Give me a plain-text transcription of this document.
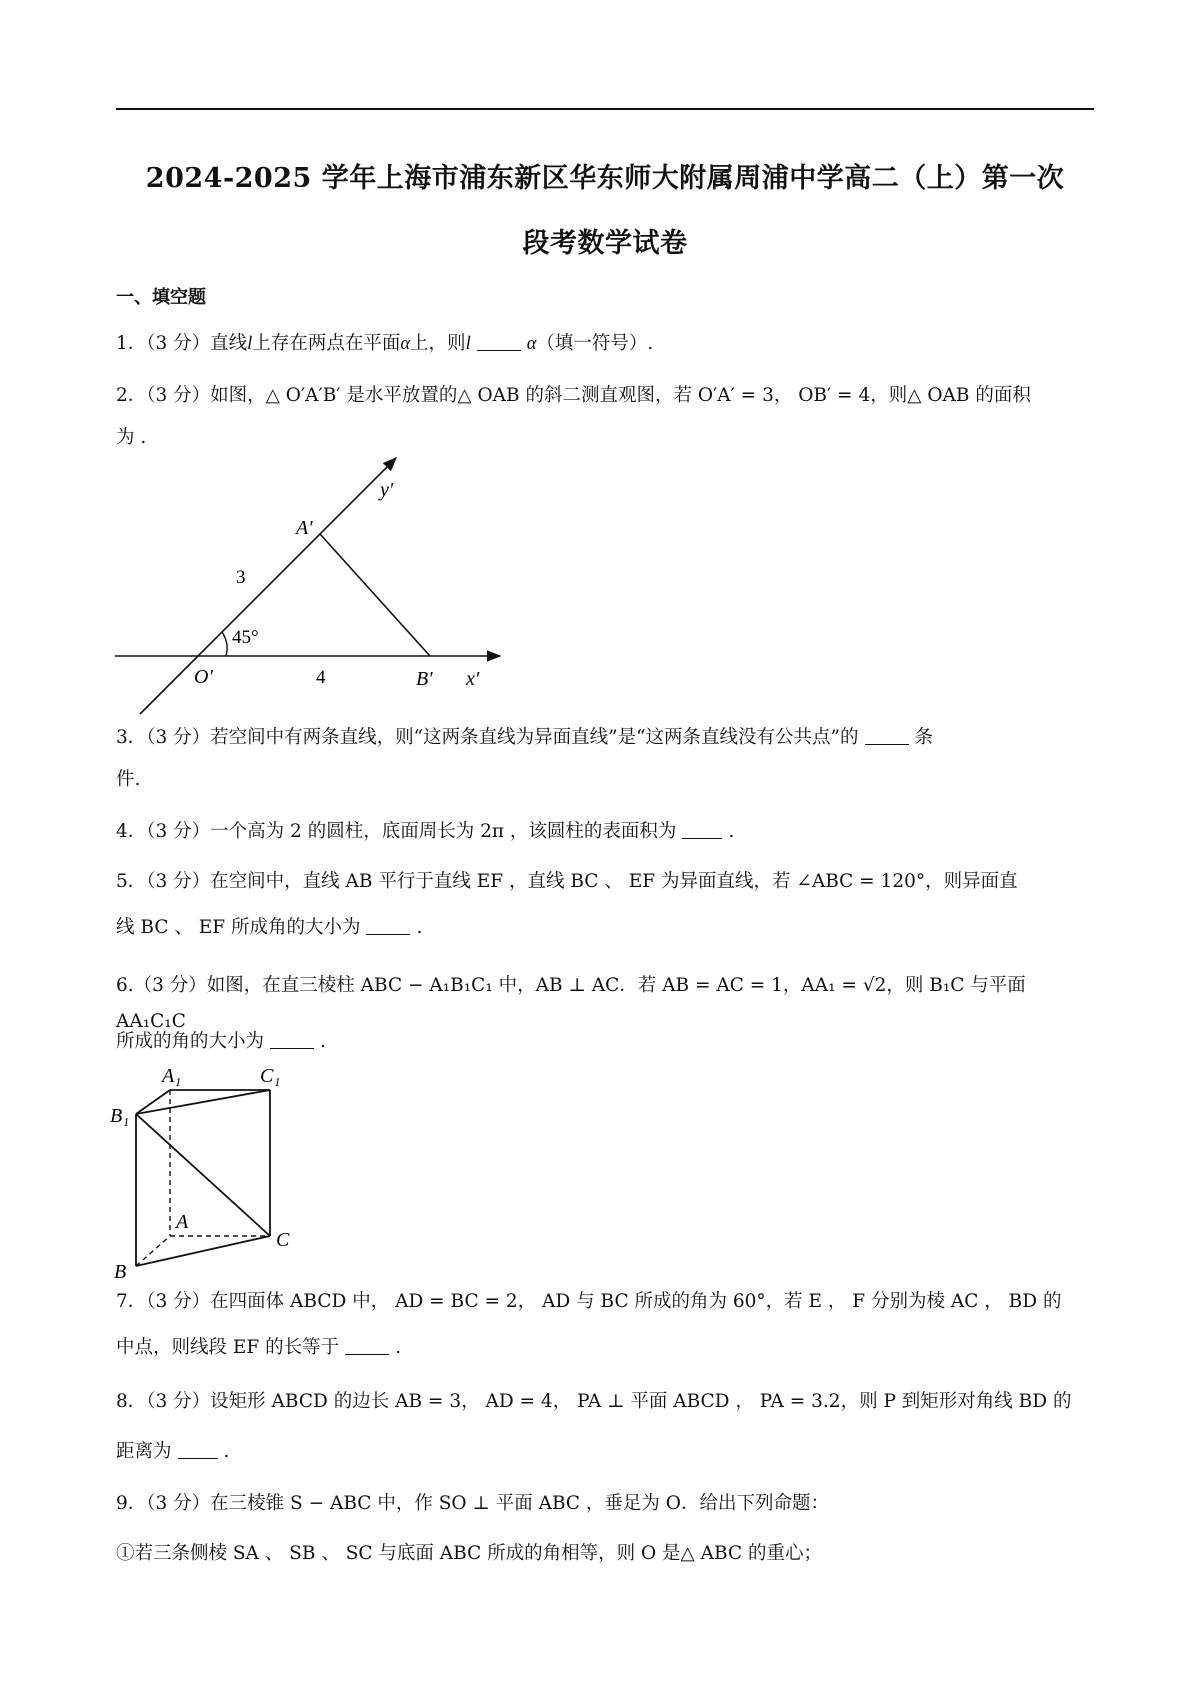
2024-2025 学年上海市浦东新区华东师大附属周浦中学高二（上）第一次
段考数学试卷

一、填空题

1．（3 分）直线l上存在两点在平面α上，则l	α（填一符号）.

2．（3 分）如图，△ O′A′B′ 是水平放置的△ OAB 的斜二测直观图，若 O′A′ = 3， OB′ = 4，则△ OAB 的面积

为 .

y′
A′
3
45°
O′	4	B′ x′

3．（3 分）若空间中有两条直线，则“这两条直线为异面直线”是“这两条直线没有公共点”的	条

件.

4．（3 分）一个高为 2 的圆柱，底面周长为 2π ，该圆柱的表面积为	.

5．（3 分）在空间中，直线 AB 平行于直线 EF ，直线 BC 、 EF 为异面直线，若 ∠ABC = 120°，则异面直

线 BC 、 EF 所成角的大小为	.

6.（3 分）如图，在直三棱柱 ABC − A₁B₁C₁ 中，AB ⊥ AC．若 AB = AC = 1，AA₁ = √2，则 B₁C 与平面 AA₁C₁C

所成的角的大小为	.

A₁	C₁
B₁
A
C
B

7．（3 分）在四面体 ABCD 中， AD = BC = 2， AD 与 BC 所成的角为 60°，若 E ， F 分别为棱 AC ， BD 的

中点，则线段 EF 的长等于	.

8．（3 分）设矩形 ABCD 的边长 AB = 3， AD = 4， PA ⊥ 平面 ABCD ， PA = 3.2，则 P 到矩形对角线 BD 的

距离为	.

9．（3 分）在三棱锥 S − ABC 中，作 SO ⊥ 平面 ABC ，垂足为 O．给出下列命题：

①若三条侧棱 SA 、 SB 、 SC 与底面 ABC 所成的角相等，则 O 是△ ABC 的重心；
